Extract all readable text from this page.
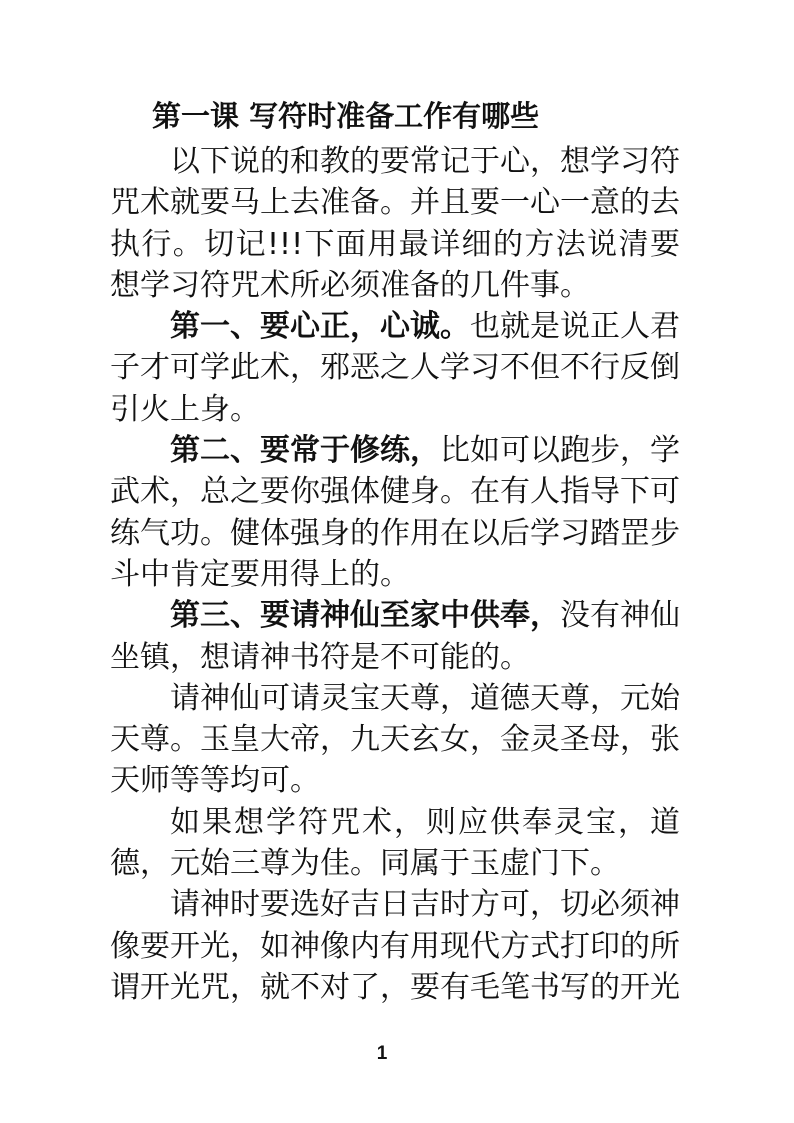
第一课 写符时准备工作有哪些

以下说的和教的要常记于心，想学习符咒术就要马上去准备。并且要一心一意的去执行。切记!!!下面用最详细的方法说清要想学习符咒术所必须准备的几件事。

第一、要心正，心诚。也就是说正人君子才可学此术，邪恶之人学习不但不行反倒引火上身。

第二、要常于修练，比如可以跑步，学武术，总之要你强体健身。在有人指导下可练气功。健体强身的作用在以后学习踏罡步斗中肯定要用得上的。

第三、要请神仙至家中供奉，没有神仙坐镇，想请神书符是不可能的。

请神仙可请灵宝天尊，道德天尊，元始天尊。玉皇大帝，九天玄女，金灵圣母，张天师等等均可。

如果想学符咒术，则应供奉灵宝，道德，元始三尊为佳。同属于玉虚门下。

请神时要选好吉日吉时方可，切必须神像要开光，如神像内有用现代方式打印的所谓开光咒，就不对了，要有毛笔书写的开光

1
